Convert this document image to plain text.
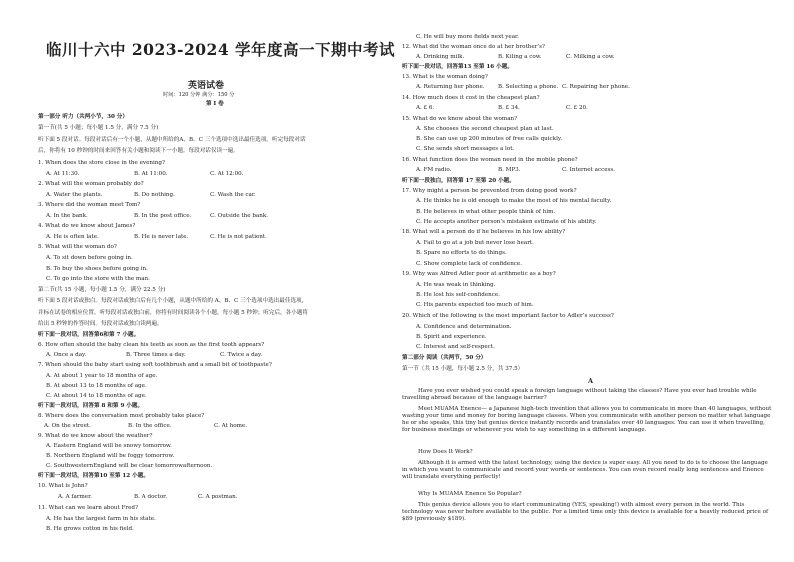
临川十六中 2023-2024 学年度高一下期中考试
英语试卷
时间：120 分钟 满分：150 分
第 I 卷
第一部分 听力（共两小节，30 分）
第一节(共 5 小题；每小题 1.5 分，满分 7.5 分)
听下面 5 段对话。每段对话后有一个小题，从题中所给的A、B、C 三个选项中选出最佳选项。听完每段对话
后，你将有 10 秒钟的时间来回答有关小题和阅读下一小题。每段对话仅读一遍。
1. When does the store close in the evening?
A. At 11:30.	B. At 11:00.	C. At 12:00.
2. What will the woman probably do?
A. Water the plants.	B. Do nothing.	C. Wash the car.
3. Where did the woman meet Tom?
A. In the bank.	B. In the post office.	C. Outside the bank.
4. What do we know about James?
A. He is often late.	B. He is never late.	C. He is not patient.
5. What will the woman do?
A. To sit down before going in.
B. To buy the shoes before going in.
C. To go into the store with the man.
第二节(共 15 小题，每小题 1.5 分，满分 22.5 分)
听下面 5 段对话或独白。每段对话或独白后有几个小题，从题中所给的 A、B、C 三个选项中选出最佳选项，
并标在试卷的相应位置。听每段对话或独白前，你将有时间阅读各个小题，每小题 5 秒钟；听完后，各小题将
给出 5 秒钟的作答时间。每段对话或独白读两遍。
听下面一段对话，回答第6和第 7 小题。
6. How often should the baby clean his teeth as soon as the first tooth appears?
A. Once a day.	B. Three times a day.	C. Twice a day.
7. When should the baby start using soft toothbrush and a small bit of toothpaste?
A. At about 1 year to 18 months of age.
B. At about 13 to 18 months of age.
C. At about 14 to 18 months of age.
听下面一段对话，回答第 8 和第 9 小题。
8. Where does the conversation most probably take place?
A. On the street.	B. In the office.	C. At home.
9. What do we know about the weather?
A. Eastern England will be snowy tomorrow.
B. Northern England will be foggy tomorrow.
C. SouthwesternEngland will be clear tomorrowafternoon.
听下面一段对话，回答第10 至第 12 小题。
10. What is John?
A. A farmer.	B. A doctor.	C. A postman.
11. What can we learn about Fred?
A. He has the largest farm in his state.
B. He grows cotton in his field.
C. He will buy more fields next year.
12. What did the woman once do at her brother’s?
A. Drinking milk.	B. Kiling a cow.	C. Milking a cow.
听下面一段对话，回答第13 至第 16 小题。
13. What is the woman doing?
A. Returning her phone. B. Selecting a phone. C. Repairing her phone.
14. How much does it cost in the cheapest plan?
A. £ 6.	B. £ 34.	C. £ 20.
15. What do we know about the woman?
A. She chooses the second cheapest plan at last.
B. She can use up 200 minutes of free calls quickly.
C. She sends short messages a lot.
16. What function does the woman need in the mobile phone?
A. FM radio.	B. MP3.	C. Internet access.
听下面一段独白，回答第 17 至第 20 小题。
17. Why might a person be prevented from doing good work?
A. He thinks he is old enough to make the most of his mental faculty.
B. He believes in what other people think of him.
C. He accepts another person’s mistaken estimate of his ability.
18. What will a person do if he believes in his low ability?
A. Fail to go at a job but never lose heart.
B. Spare no efforts to do things.
C. Show complete lack of confidence.
19. Why was Alfred Adler poor at arithmetic as a boy?
A. He was weak in thinking.
B. He lost his self-confidence.
C. His parents expected too much of him.
20. Which of the following is the most important factor to Adler’s success?
A. Confidence and determination.
B. Spirit and experience.
C. Interest and self-respect.
第二部分 阅读（共两节，50 分）
第一节（共 15 小题，每小题 2.5 分，共 37.5）
A
Have you ever wished you could speak a foreign language without taking the classes? Have you ever had trouble while travelling abroad because of the language barrier?
Meet MUAMA Enence— a Japanese high-tech invention that allows you to communicate in more than 40 languages, without wasting your time and money for boring language classes. When you communicate with another person no matter what language he or she speaks, this tiny but genius device instantly records and translates over 40 languages. You can use it when travelling, for business meetings or whenever you wish to say something in a different language.
How Does It Work?
Although it is armed with the latest technology, using the device is super easy. All you need to do is to choose the language in which you want to communicate and record your words or sentences. You can even record really long sentences and Enence will translate everything perfectly!
Why Is MUAMA Enence So Popular?
This genius device allows you to start communicating (YES, speaking!) with almost every person in the world. This technology was never before available to the public. For a limited time only this device is available for a heavily reduced price of $89 (previously $189).
